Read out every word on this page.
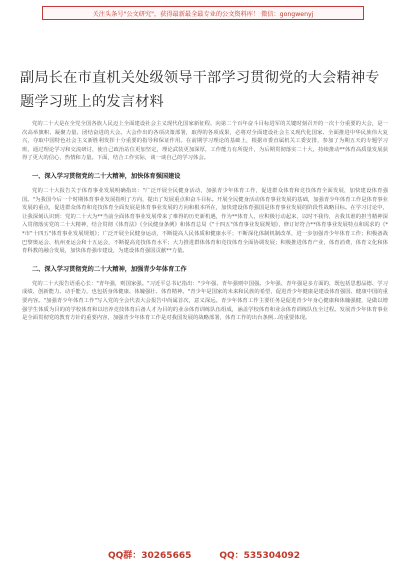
关注头条号"公文研究"，获得最新最全最专业的公文资料库！ 微信：gongwenyj
副局长在市直机关处级领导干部学习贯彻党的大会精神专题学习班上的发言材料

党的二十大是在全党全国各族人民迈上全面建设社会主义现代化国家新征程、向第二个百年奋斗目标进军的关键时刻召开的一次十分重要的大会，是一次高举旗帜、凝聚力量、团结奋进的大会。大会作出的各项决策部署，取得的各项成果，必将对全面建设社会主义现代化国家、全面推进中华民族伟大复兴，夺取中国特色社会主义新胜利发挥十分重要的指导和保证作用。在前期学习理论的基础上，根据市委直属机关工委安排，参加了为期五天的专题学习班，通过理论学习和交流研讨，使自己政治站位更加坚定，理论武装更加深厚，工作能力有所提升，为后期贯彻落实二十大，持续推动**体育高质量发展获得了更大的信心，热情和力量。下面，结合工作实际，谈一谈自己的学习体会。

一、深入学习贯彻党的二十大精神，加快体育强国建设

党的二十大报告关于体育事业发展明确指出："广泛开展全民健身活动，加强青少年体育工作，促进群众体育和竞技体育全面发展，加快建设体育强国。"为我国今后一个时期体育事业发展指明了方向，提出了发展重点和奋斗目标。开展全民健身活动体育事业发展的基础，加强青少年体育工作是体育事业发展的重点，促进群众体育和竞技体育全面发展是体育事业发展的方向和根本所在，加快建设体育强国是体育事业发展的阶段性战略目标。在学习讨论中，让我深刻认识到：党的二十大为**当前全面体育事业发展带来了难得的历史新机遇，作为**体育人，应积极行动起来，以时不我待，舍我其谁的担当精神深入贯彻落实党的二十大精神，结合贯彻《体育法》《全民健身条例》和体育总局《"十四五"体育事业发展规划》，修订好符合**体育事业发展特点和需求的《**市"十四五"体育事业发展规划》；广泛开展全民健身运动，不断提高人民体质和健康水平；不断深化体制机制改革，进一步加强青少年体育工作；积极备战巴黎奥运会、杭州亚运会和十五运会，不断提高竞技体育水平；大力推进群体体育和竞技体育全面协调发展；积极推进体育产业，体育消费，体育文化和体育科教的融合发展，加快体育强市建设，为建设体育强国贡献**力量。

二、深入学习贯彻党的二十大精神，加强青少年体育工作

党的二十大报告语重心长："青年强，则国家强。"习近平总书记指出："少年强、青年强则中国强。少年强、青年强是多方面的，既包括思想品德、学习成绩、创新能力、动手能力，也包括身体健康、体魄强壮、体育精神。"青少年是国家的未来和民族的希望，促进青少年健康是建设体育强国、健康中国的重要内容。"加强青少年体育工作"写入党的全会代表大会报告中尚属首次，意义深远。青少年体育工作主要任务是促进青少年身心健康和体魄强健，是做以增强学生体质为目的的学校体育和以培养竞技体育后备人才为目的的业余体育训练队伍组成，涵盖学校体育和业余体育训练队伍全过程。发展青少年体育事业是全面贯彻党的教育方针的重要内容，加强青少年体育工作是对我国发展的战略部署，体育工作的出台条例...的重要体现。

QQ群：30265665	QQ：535304092
